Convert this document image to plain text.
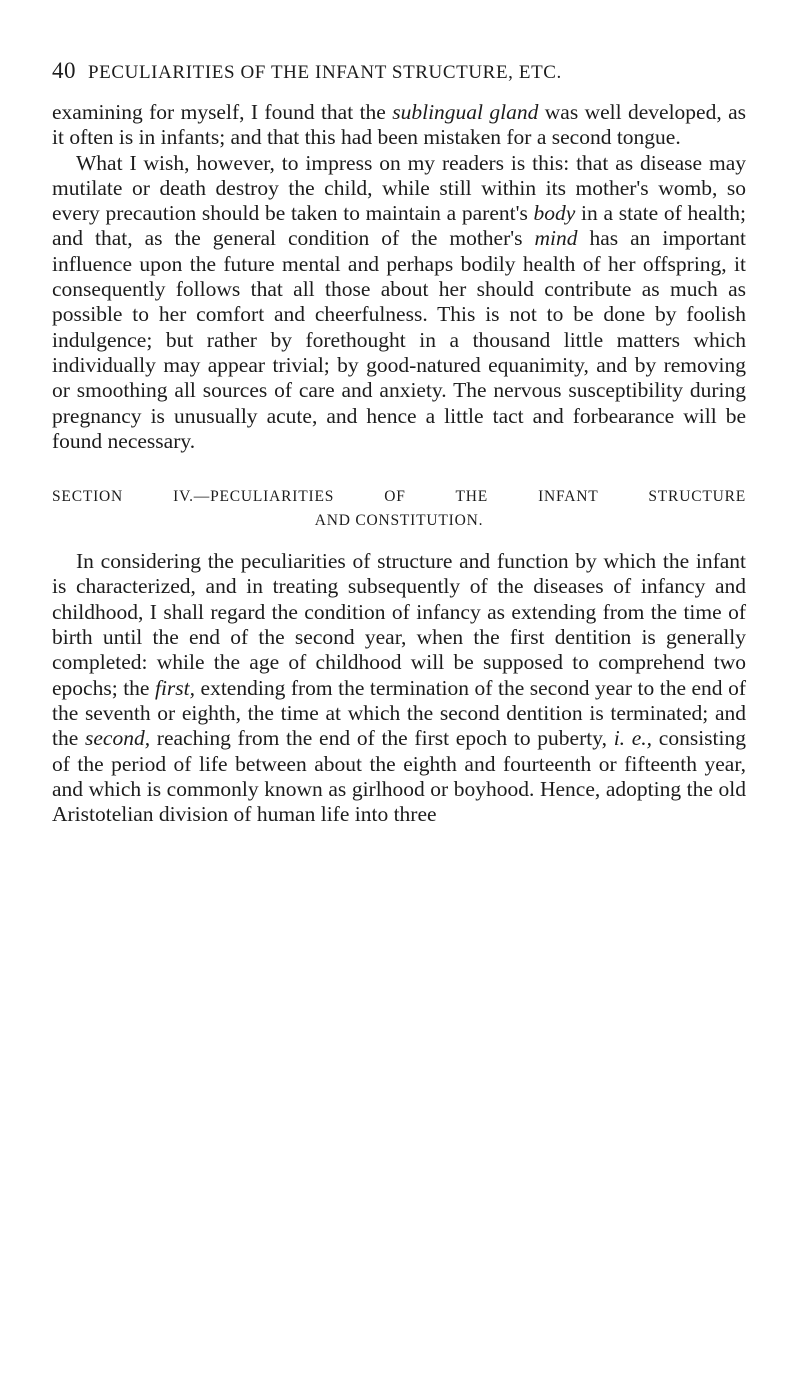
40 PECULIARITIES OF THE INFANT STRUCTURE, ETC.

examining for myself, I found that the sublingual gland was well developed, as it often is in infants; and that this had been mistaken for a second tongue.

What I wish, however, to impress on my readers is this: that as disease may mutilate or death destroy the child, while still within its mother's womb, so every precaution should be taken to maintain a parent's body in a state of health; and that, as the general condition of the mother's mind has an important influence upon the future mental and perhaps bodily health of her offspring, it consequently follows that all those about her should contribute as much as possible to her comfort and cheerfulness. This is not to be done by foolish indulgence; but rather by forethought in a thousand little matters which individually may appear trivial; by good-natured equanimity, and by removing or smoothing all sources of care and anxiety. The nervous susceptibility during pregnancy is unusually acute, and hence a little tact and forbearance will be found necessary.

SECTION IV.—PECULIARITIES OF THE INFANT STRUCTURE
AND CONSTITUTION.

In considering the peculiarities of structure and function by which the infant is characterized, and in treating subsequently of the diseases of infancy and childhood, I shall regard the condition of infancy as extending from the time of birth until the end of the second year, when the first dentition is generally completed: while the age of childhood will be supposed to comprehend two epochs; the first, extending from the termination of the second year to the end of the seventh or eighth, the time at which the second dentition is terminated; and the second, reaching from the end of the first epoch to puberty, i. e., consisting of the period of life between about the eighth and fourteenth or fifteenth year, and which is commonly known as girlhood or boyhood. Hence, adopting the old Aristotelian division of human life into three
